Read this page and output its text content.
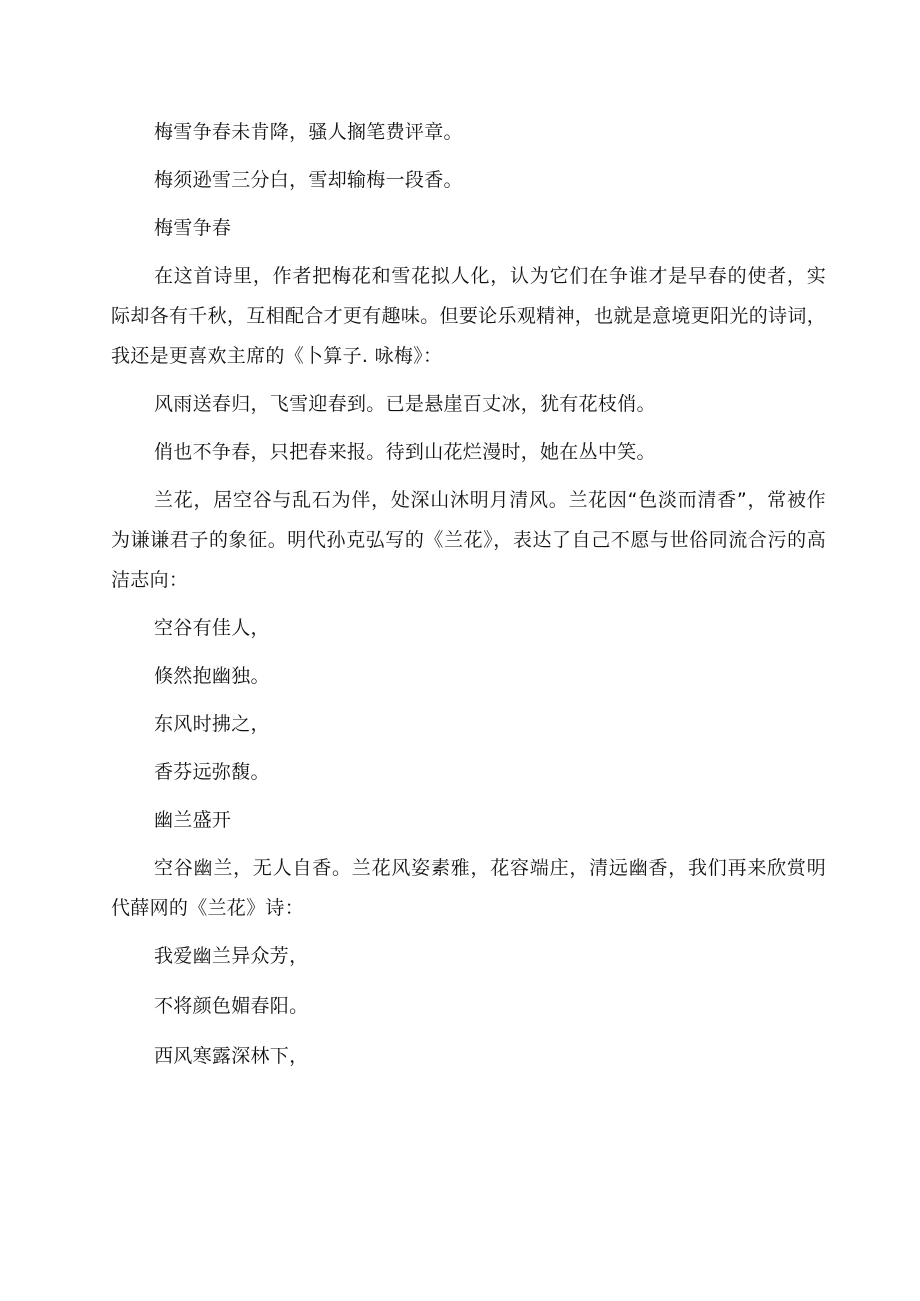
梅雪争春未肯降，骚人搁笔费评章。

梅须逊雪三分白，雪却输梅一段香。

梅雪争春

在这首诗里，作者把梅花和雪花拟人化，认为它们在争谁才是早春的使者，实际却各有千秋，互相配合才更有趣味。但要论乐观精神，也就是意境更阳光的诗词，我还是更喜欢主席的《卜算子. 咏梅》：

风雨送春归，飞雪迎春到。已是悬崖百丈冰，犹有花枝俏。

俏也不争春，只把春来报。待到山花烂漫时，她在丛中笑。

兰花，居空谷与乱石为伴，处深山沐明月清风。兰花因“色淡而清香”，常被作为谦谦君子的象征。明代孙克弘写的《兰花》，表达了自己不愿与世俗同流合污的高洁志向：

空谷有佳人，

倏然抱幽独。

东风时拂之，

香芬远弥馥。

幽兰盛开

空谷幽兰，无人自香。兰花风姿素雅，花容端庄，清远幽香，我们再来欣赏明代薛网的《兰花》诗：

我爱幽兰异众芳，

不将颜色媚春阳。

西风寒露深林下，
